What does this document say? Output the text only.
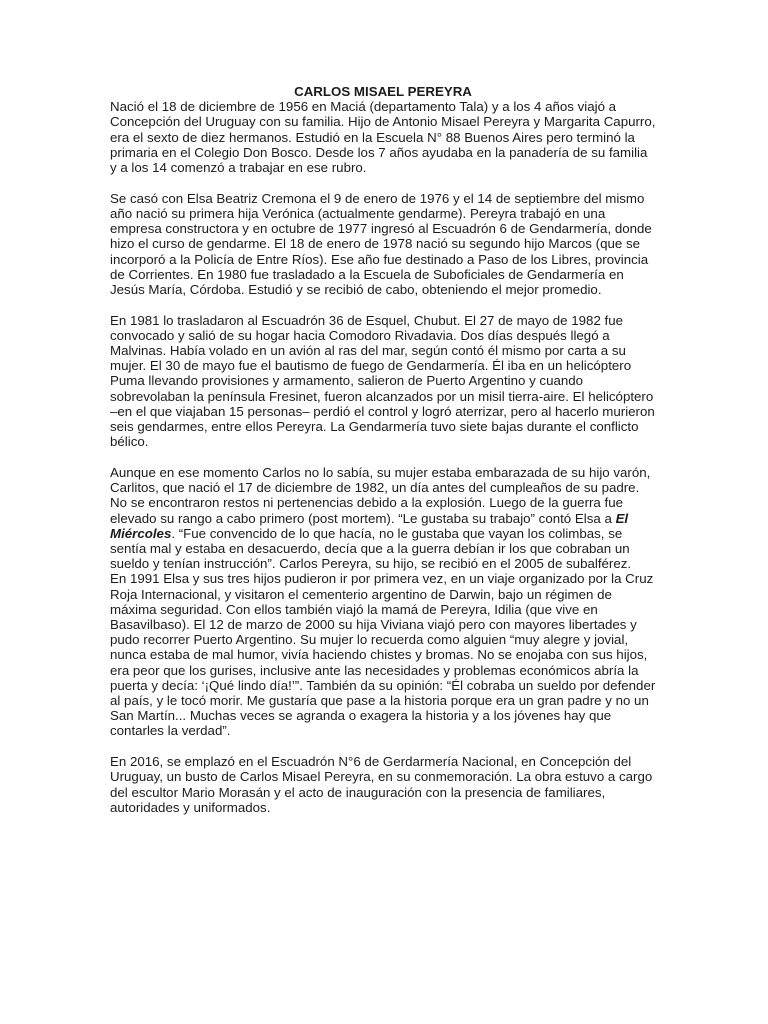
CARLOS MISAEL PEREYRA

Nació el 18 de diciembre de 1956 en Maciá (departamento Tala) y a los 4 años viajó a Concepción del Uruguay con su familia. Hijo de Antonio Misael Pereyra y Margarita Capurro, era el sexto de diez hermanos. Estudió en la Escuela N° 88 Buenos Aires pero terminó la primaria en el Colegio Don Bosco. Desde los 7 años ayudaba en la panadería de su familia y a los 14 comenzó a trabajar en ese rubro.

Se casó con Elsa Beatriz Cremona el 9 de enero de 1976 y el 14 de septiembre del mismo año nació su primera hija Verónica (actualmente gendarme). Pereyra trabajó en una empresa constructora y en octubre de 1977 ingresó al Escuadrón 6 de Gendarmería, donde hizo el curso de gendarme. El 18 de enero de 1978 nació su segundo hijo Marcos (que se incorporó a la Policía de Entre Ríos). Ese año fue destinado a Paso de los Libres, provincia de Corrientes. En 1980 fue trasladado a la Escuela de Suboficiales de Gendarmería en Jesús María, Córdoba. Estudió y se recibió de cabo, obteniendo el mejor promedio.

En 1981 lo trasladaron al Escuadrón 36 de Esquel, Chubut. El 27 de mayo de 1982 fue convocado y salió de su hogar hacia Comodoro Rivadavia. Dos días después llegó a Malvinas. Había volado en un avión al ras del mar, según contó él mismo por carta a su mujer. El 30 de mayo fue el bautismo de fuego de Gendarmería. Él iba en un helicóptero Puma llevando provisiones y armamento, salieron de Puerto Argentino y cuando sobrevolaban la península Fresinet, fueron alcanzados por un misil tierra-aire. El helicóptero –en el que viajaban 15 personas– perdió el control y logró aterrizar, pero al hacerlo murieron seis gendarmes, entre ellos Pereyra. La Gendarmería tuvo siete bajas durante el conflicto bélico.

Aunque en ese momento Carlos no lo sabía, su mujer estaba embarazada de su hijo varón, Carlitos, que nació el 17 de diciembre de 1982, un día antes del cumpleaños de su padre. No se encontraron restos ni pertenencias debido a la explosión. Luego de la guerra fue elevado su rango a cabo primero (post mortem). “Le gustaba su trabajo” contó Elsa a El Miércoles. “Fue convencido de lo que hacía, no le gustaba que vayan los colimbas, se sentía mal y estaba en desacuerdo, decía que a la guerra debían ir los que cobraban un sueldo y tenían instrucción”. Carlos Pereyra, su hijo, se recibió en el 2005 de subalférez.

En 1991 Elsa y sus tres hijos pudieron ir por primera vez, en un viaje organizado por la Cruz Roja Internacional, y visitaron el cementerio argentino de Darwin, bajo un régimen de máxima seguridad. Con ellos también viajó la mamá de Pereyra, Idilia (que vive en Basavilbaso). El 12 de marzo de 2000 su hija Viviana viajó pero con mayores libertades y pudo recorrer Puerto Argentino. Su mujer lo recuerda como alguien “muy alegre y jovial, nunca estaba de mal humor, vivía haciendo chistes y bromas. No se enojaba con sus hijos, era peor que los gurises, inclusive ante las necesidades y problemas económicos abría la puerta y decía: ‘¡Qué lindo día!’”. También da su opinión: “Él cobraba un sueldo por defender al país, y le tocó morir. Me gustaría que pase a la historia porque era un gran padre y no un San Martín... Muchas veces se agranda o exagera la historia y a los jóvenes hay que contarles la verdad”.

En 2016, se emplazó en el Escuadrón N°6 de Gerdarmería Nacional, en Concepción del Uruguay, un busto de Carlos Misael Pereyra, en su conmemoración. La obra estuvo a cargo del escultor Mario Morasán y el acto de inauguración con la presencia de familiares, autoridades y uniformados.
